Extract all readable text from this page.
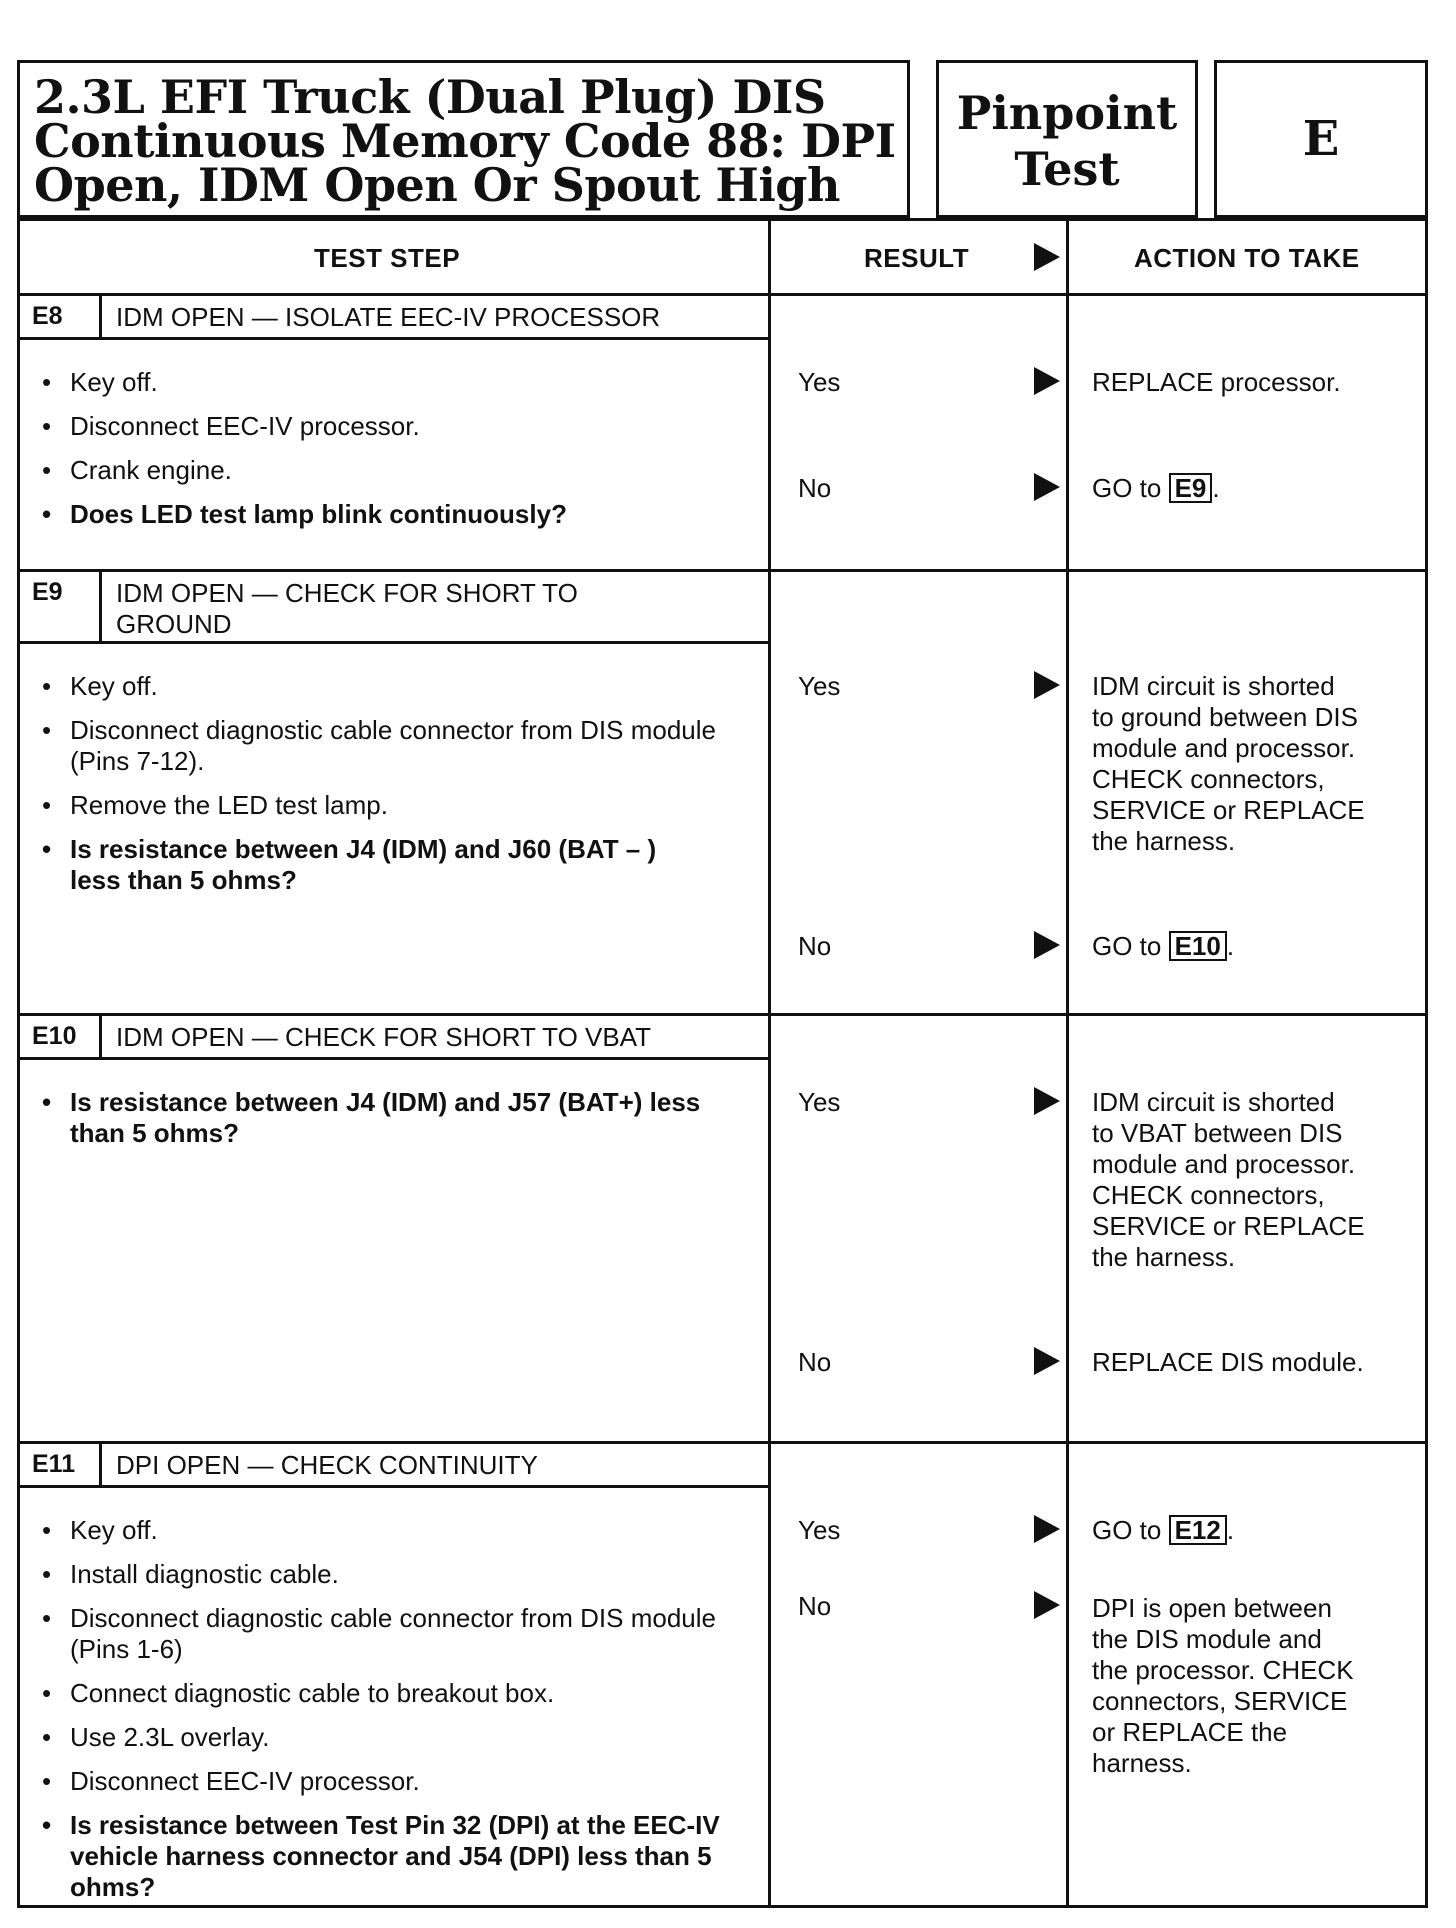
2.3L EFI Truck (Dual Plug) DIS
Continuous Memory Code 88: DPI
Open, IDM Open Or Spout High
Pinpoint
Test
E
TEST STEP	RESULT	ACTION TO TAKE
E8	IDM OPEN — ISOLATE EEC-IV PROCESSOR
• Key off.
• Disconnect EEC-IV processor.
• Crank engine.
• Does LED test lamp blink continuously?
Yes	REPLACE processor.
No	GO to E9 .
E9	IDM OPEN — CHECK FOR SHORT TO
GROUND
• Key off.
• Disconnect diagnostic cable connector from DIS module (Pins 7-12).
• Remove the LED test lamp.
• Is resistance between J4 (IDM) and J60 (BAT – ) less than 5 ohms?
Yes	IDM circuit is shorted
to ground between DIS
module and processor.
CHECK connectors,
SERVICE or REPLACE
the harness.
No	GO to E10 .
E10	IDM OPEN — CHECK FOR SHORT TO VBAT
• Is resistance between J4 (IDM) and J57 (BAT+) less than 5 ohms?
Yes	IDM circuit is shorted
to VBAT between DIS
module and processor.
CHECK connectors,
SERVICE or REPLACE
the harness.
No	REPLACE DIS module.
E11	DPI OPEN — CHECK CONTINUITY
• Key off.
• Install diagnostic cable.
• Disconnect diagnostic cable connector from DIS module (Pins 1-6)
• Connect diagnostic cable to breakout box.
• Use 2.3L overlay.
• Disconnect EEC-IV processor.
• Is resistance between Test Pin 32 (DPI) at the EEC-IV vehicle harness connector and J54 (DPI) less than 5 ohms?
Yes	GO to E12 .
No	DPI is open between
the DIS module and
the processor. CHECK
connectors, SERVICE
or REPLACE the
harness.
